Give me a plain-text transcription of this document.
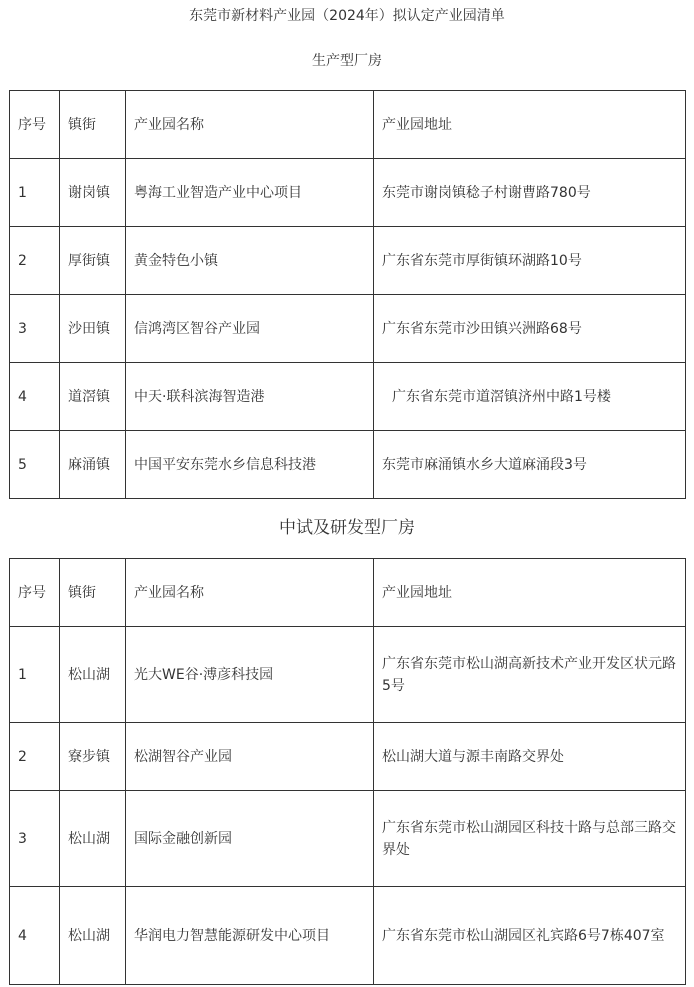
东莞市新材料产业园（2024年）拟认定产业园清单
生产型厂房
序号	镇街	产业园名称	产业园地址
1	谢岗镇	粤海工业智造产业中心项目	东莞市谢岗镇稔子村谢曹路780号
2	厚街镇	黄金特色小镇	广东省东莞市厚街镇环湖路10号
3	沙田镇	信鸿湾区智谷产业园	广东省东莞市沙田镇兴洲路68号
4	道滘镇	中天·联科滨海智造港	广东省东莞市道滘镇济州中路1号楼
5	麻涌镇	中国平安东莞水乡信息科技港	东莞市麻涌镇水乡大道麻涌段3号
中试及研发型厂房
序号	镇街	产业园名称	产业园地址
1	松山湖	光大WE谷·溥彦科技园	广东省东莞市松山湖高新技术产业开发区状元路5号
2	寮步镇	松湖智谷产业园	松山湖大道与源丰南路交界处
3	松山湖	国际金融创新园	广东省东莞市松山湖园区科技十路与总部三路交界处
4	松山湖	华润电力智慧能源研发中心项目	广东省东莞市松山湖园区礼宾路6号7栋407室
